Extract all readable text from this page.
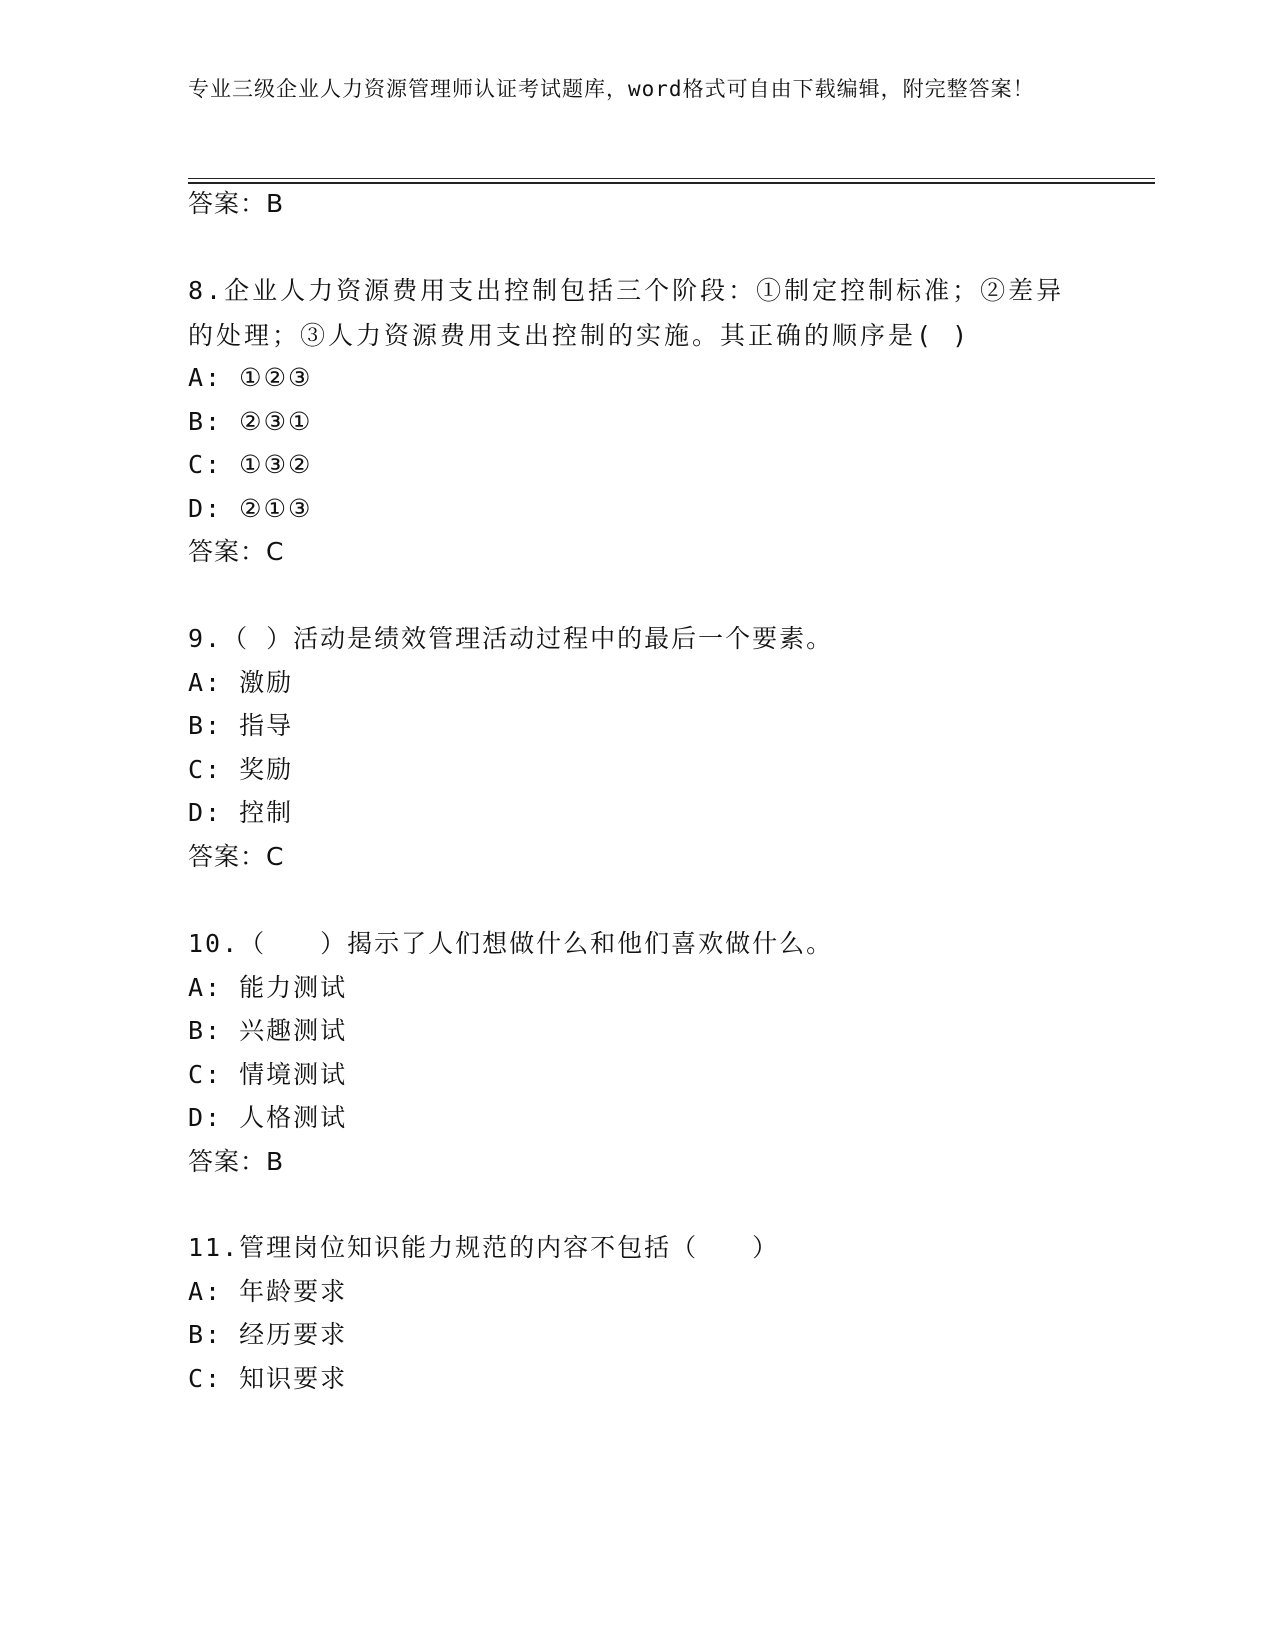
专业三级企业人力资源管理师认证考试题库，word格式可自由下载编辑，附完整答案！
答案：B
8.企业人力资源费用支出控制包括三个阶段：①制定控制标准；②差异的处理；③人力资源费用支出控制的实施。其正确的顺序是( )
A: ①②③
B: ②③①
C: ①③②
D: ②①③
答案：C
9.（ ）活动是绩效管理活动过程中的最后一个要素。
A: 激励
B: 指导
C: 奖励
D: 控制
答案：C
10.（　　）揭示了人们想做什么和他们喜欢做什么。
A: 能力测试
B: 兴趣测试
C: 情境测试
D: 人格测试
答案：B
11.管理岗位知识能力规范的内容不包括（　　）
A: 年龄要求
B: 经历要求
C: 知识要求
